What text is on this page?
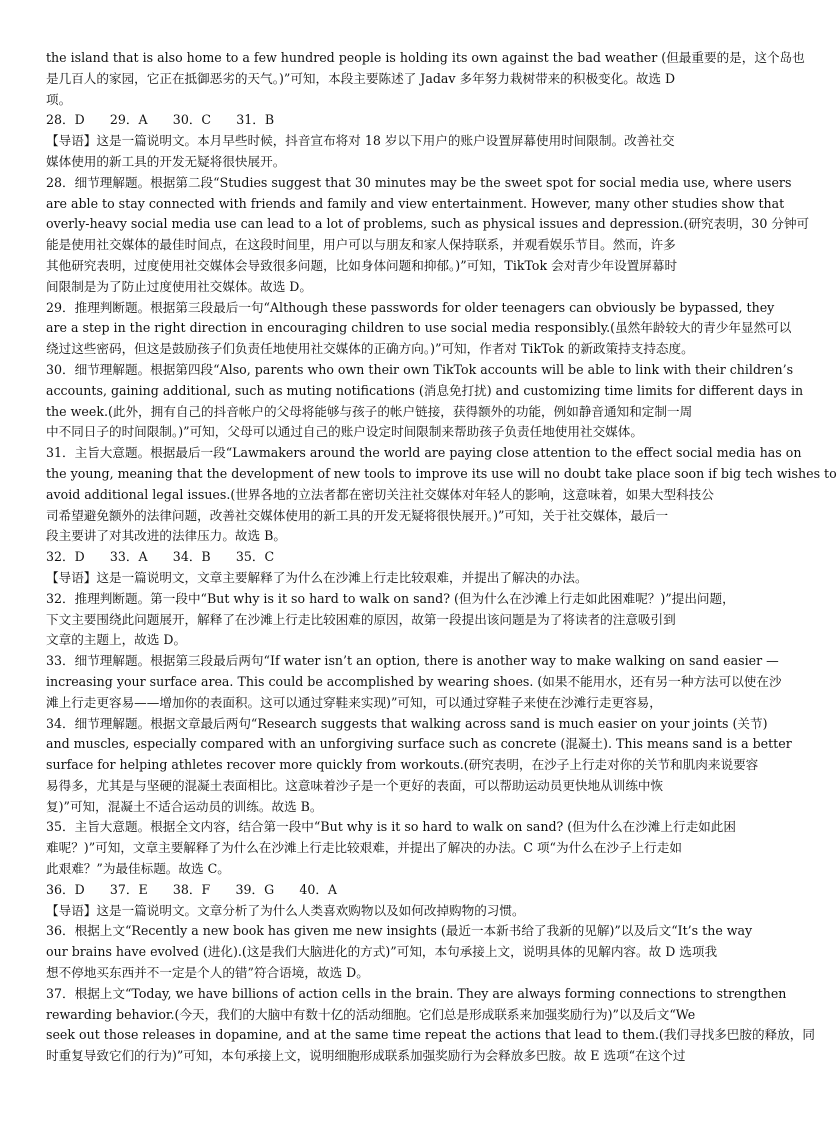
the island that is also home to a few hundred people is holding its own against the bad weather (但最重要的是，这个岛也
是几百人的家园，它正在抵御恶劣的天气。)”可知，本段主要陈述了 Jadav 多年努力栽树带来的积极变化。故选 D
项。
28．D　　29．A　　30．C　　31．B
【导语】这是一篇说明文。本月早些时候，抖音宣布将对 18 岁以下用户的账户设置屏幕使用时间限制。改善社交
媒体使用的新工具的开发无疑将很快展开。
28．细节理解题。根据第二段“Studies suggest that 30 minutes may be the sweet spot for social media use, where users
are able to stay connected with friends and family and view entertainment. However, many other studies show that
overly-heavy social media use can lead to a lot of problems, such as physical issues and depression.(研究表明，30 分钟可
能是使用社交媒体的最佳时间点，在这段时间里，用户可以与朋友和家人保持联系，并观看娱乐节目。然而，许多
其他研究表明，过度使用社交媒体会导致很多问题，比如身体问题和抑郁。)”可知，TikTok 会对青少年设置屏幕时
间限制是为了防止过度使用社交媒体。故选 D。
29．推理判断题。根据第三段最后一句“Although these passwords for older teenagers can obviously be bypassed, they
are a step in the right direction in encouraging children to use social media responsibly.(虽然年龄较大的青少年显然可以
绕过这些密码，但这是鼓励孩子们负责任地使用社交媒体的正确方向。)”可知，作者对 TikTok 的新政策持支持态度。
30．细节理解题。根据第四段“Also, parents who own their own TikTok accounts will be able to link with their children’s
accounts, gaining additional, such as muting notifications (消息免打扰) and customizing time limits for different days in
the week.(此外，拥有自己的抖音帐户的父母将能够与孩子的帐户链接，获得额外的功能，例如静音通知和定制一周
中不同日子的时间限制。)”可知，父母可以通过自己的账户设定时间限制来帮助孩子负责任地使用社交媒体。
31．主旨大意题。根据最后一段“Lawmakers around the world are paying close attention to the effect social media has on
the young, meaning that the development of new tools to improve its use will no doubt take place soon if big tech wishes to
avoid additional legal issues.(世界各地的立法者都在密切关注社交媒体对年轻人的影响，这意味着，如果大型科技公
司希望避免额外的法律问题，改善社交媒体使用的新工具的开发无疑将很快展开。)”可知，关于社交媒体，最后一
段主要讲了对其改进的法律压力。故选 B。
32．D　　33．A　　34．B　　35．C
【导语】这是一篇说明文，文章主要解释了为什么在沙滩上行走比较艰难，并提出了解决的办法。
32．推理判断题。第一段中“But why is it so hard to walk on sand? (但为什么在沙滩上行走如此困难呢？)”提出问题，
下文主要围绕此问题展开，解释了在沙滩上行走比较困难的原因，故第一段提出该问题是为了将读者的注意吸引到
文章的主题上，故选 D。
33．细节理解题。根据第三段最后两句“If water isn’t an option, there is another way to make walking on sand easier —
increasing your surface area. This could be accomplished by wearing shoes. (如果不能用水，还有另一种方法可以使在沙
滩上行走更容易——增加你的表面积。这可以通过穿鞋来实现)”可知，可以通过穿鞋子来使在沙滩行走更容易，
34．细节理解题。根据文章最后两句“Research suggests that walking across sand is much easier on your joints (关节)
and muscles, especially compared with an unforgiving surface such as concrete (混凝土). This means sand is a better
surface for helping athletes recover more quickly from workouts.(研究表明，在沙子上行走对你的关节和肌肉来说要容
易得多，尤其是与坚硬的混凝土表面相比。这意味着沙子是一个更好的表面，可以帮助运动员更快地从训练中恢
复)”可知，混凝土不适合运动员的训练。故选 B。
35．主旨大意题。根据全文内容，结合第一段中“But why is it so hard to walk on sand? (但为什么在沙滩上行走如此困
难呢？)”可知，文章主要解释了为什么在沙滩上行走比较艰难，并提出了解决的办法。C 项“为什么在沙子上行走如
此艰难？”为最佳标题。故选 C。
36．D　　37．E　　38．F　　39．G　　40．A
【导语】这是一篇说明文。文章分析了为什么人类喜欢购物以及如何改掉购物的习惯。
36．根据上文“Recently a new book has given me new insights (最近一本新书给了我新的见解)”以及后文“It’s the way
our brains have evolved (进化).(这是我们大脑进化的方式)”可知，本句承接上文，说明具体的见解内容。故 D 选项我
想不停地买东西并不一定是个人的错”符合语境，故选 D。
37．根据上文“Today, we have billions of action cells in the brain. They are always forming connections to strengthen
rewarding behavior.(今天，我们的大脑中有数十亿的活动细胞。它们总是形成联系来加强奖励行为)”以及后文“We
seek out those releases in dopamine, and at the same time repeat the actions that lead to them.(我们寻找多巴胺的释放，同
时重复导致它们的行为)”可知，本句承接上文，说明细胞形成联系加强奖励行为会释放多巴胺。故 E 选项“在这个过
